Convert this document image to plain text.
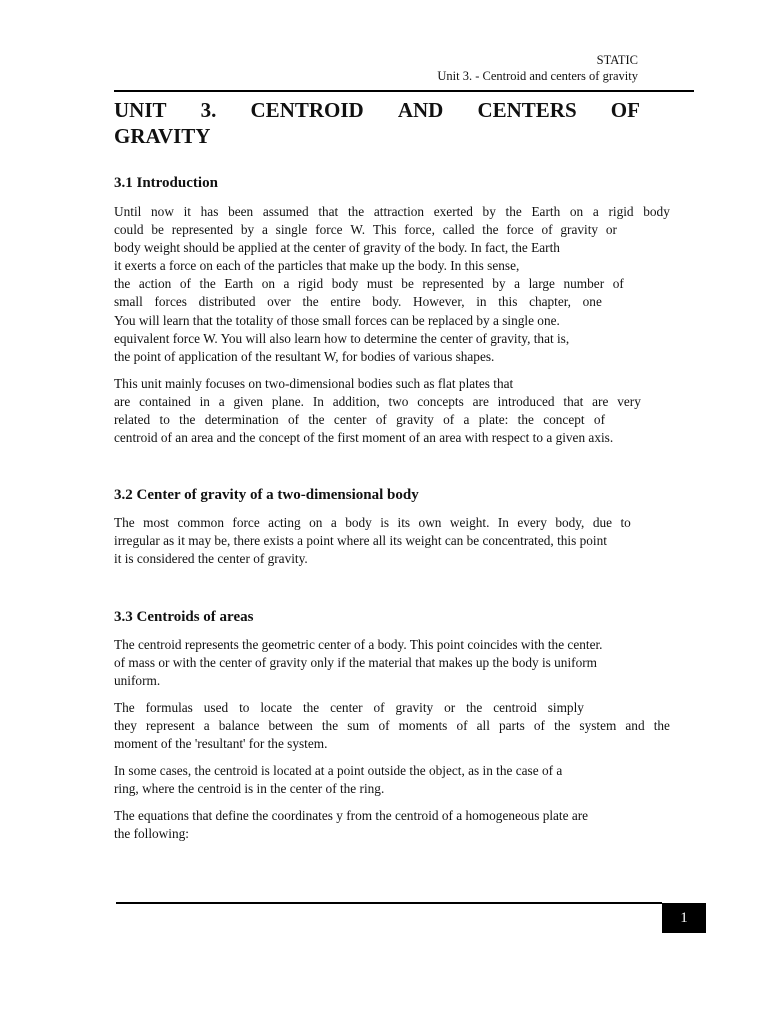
STATIC
Unit 3. - Centroid and centers of gravity
UNIT 3. CENTROID AND CENTERS OF
GRAVITY
3.1 Introduction
Until now it has been assumed that the attraction exerted by the Earth on a rigid body
could be represented by a single force W. This force, called the force of gravity or
body weight should be applied at the center of gravity of the body. In fact, the Earth
it exerts a force on each of the particles that make up the body. In this sense,
the action of the Earth on a rigid body must be represented by a large number of
small forces distributed over the entire body. However, in this chapter, one
You will learn that the totality of those small forces can be replaced by a single one.
equivalent force W. You will also learn how to determine the center of gravity, that is,
the point of application of the resultant W, for bodies of various shapes.
This unit mainly focuses on two-dimensional bodies such as flat plates that
are contained in a given plane. In addition, two concepts are introduced that are very
related to the determination of the center of gravity of a plate: the concept of
centroid of an area and the concept of the first moment of an area with respect to a given axis.
3.2 Center of gravity of a two-dimensional body
The most common force acting on a body is its own weight. In every body, due to
irregular as it may be, there exists a point where all its weight can be concentrated, this point
it is considered the center of gravity.
3.3 Centroids of areas
The centroid represents the geometric center of a body. This point coincides with the center.
of mass or with the center of gravity only if the material that makes up the body is uniform
uniform.
The formulas used to locate the center of gravity or the centroid simply
they represent a balance between the sum of moments of all parts of the system and the
moment of the 'resultant' for the system.
In some cases, the centroid is located at a point outside the object, as in the case of a
ring, where the centroid is in the center of the ring.
The equations that define the coordinates y from the centroid of a homogeneous plate are
the following:
1
